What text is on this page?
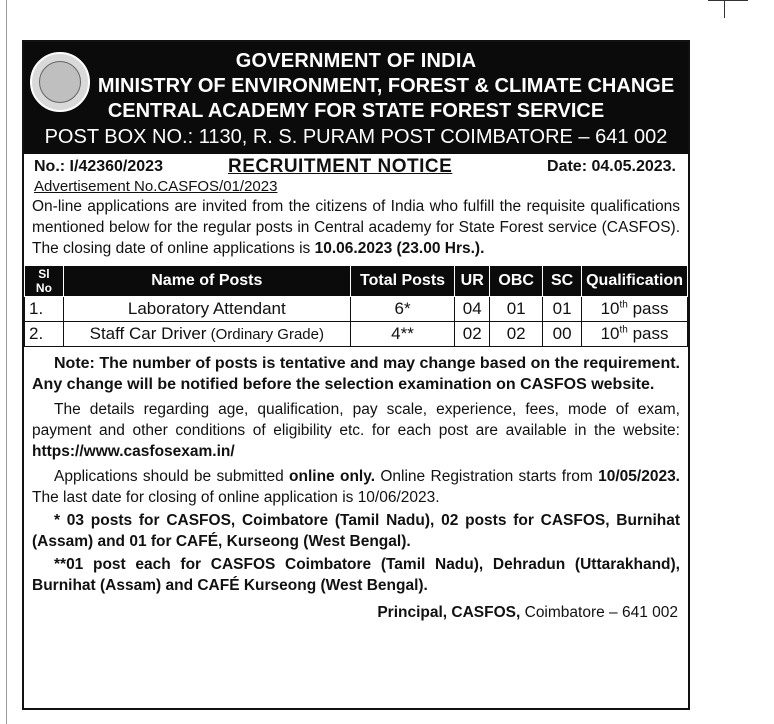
GOVERNMENT OF INDIA
MINISTRY OF ENVIRONMENT, FOREST & CLIMATE CHANGE
CENTRAL ACADEMY FOR STATE FOREST SERVICE
POST BOX NO.: 1130, R. S. PURAM POST COIMBATORE – 641 002
No.: I/42360/2023	RECRUITMENT NOTICE	Date: 04.05.2023.
Advertisement No.CASFOS/01/2023

On-line applications are invited from the citizens of India who fulfill the requisite qualifications mentioned below for the regular posts in Central academy for State Forest service (CASFOS). The closing date of online applications is 10.06.2023 (23.00 Hrs.).

Sl No	Name of Posts	Total Posts	UR	OBC	SC	Qualification
1.	Laboratory Attendant	6*	04	01	01	10th pass
2.	Staff Car Driver (Ordinary Grade)	4**	02	02	00	10th pass

Note: The number of posts is tentative and may change based on the requirement. Any change will be notified before the selection examination on CASFOS website.

The details regarding age, qualification, pay scale, experience, fees, mode of exam, payment and other conditions of eligibility etc. for each post are available in the website: https://www.casfosexam.in/

Applications should be submitted online only. Online Registration starts from 10/05/2023. The last date for closing of online application is 10/06/2023.

* 03 posts for CASFOS, Coimbatore (Tamil Nadu), 02 posts for CASFOS, Burnihat (Assam) and 01 for CAFÉ, Kurseong (West Bengal).

**01 post each for CASFOS Coimbatore (Tamil Nadu), Dehradun (Uttarakhand), Burnihat (Assam) and CAFÉ Kurseong (West Bengal).

Principal, CASFOS, Coimbatore – 641 002
